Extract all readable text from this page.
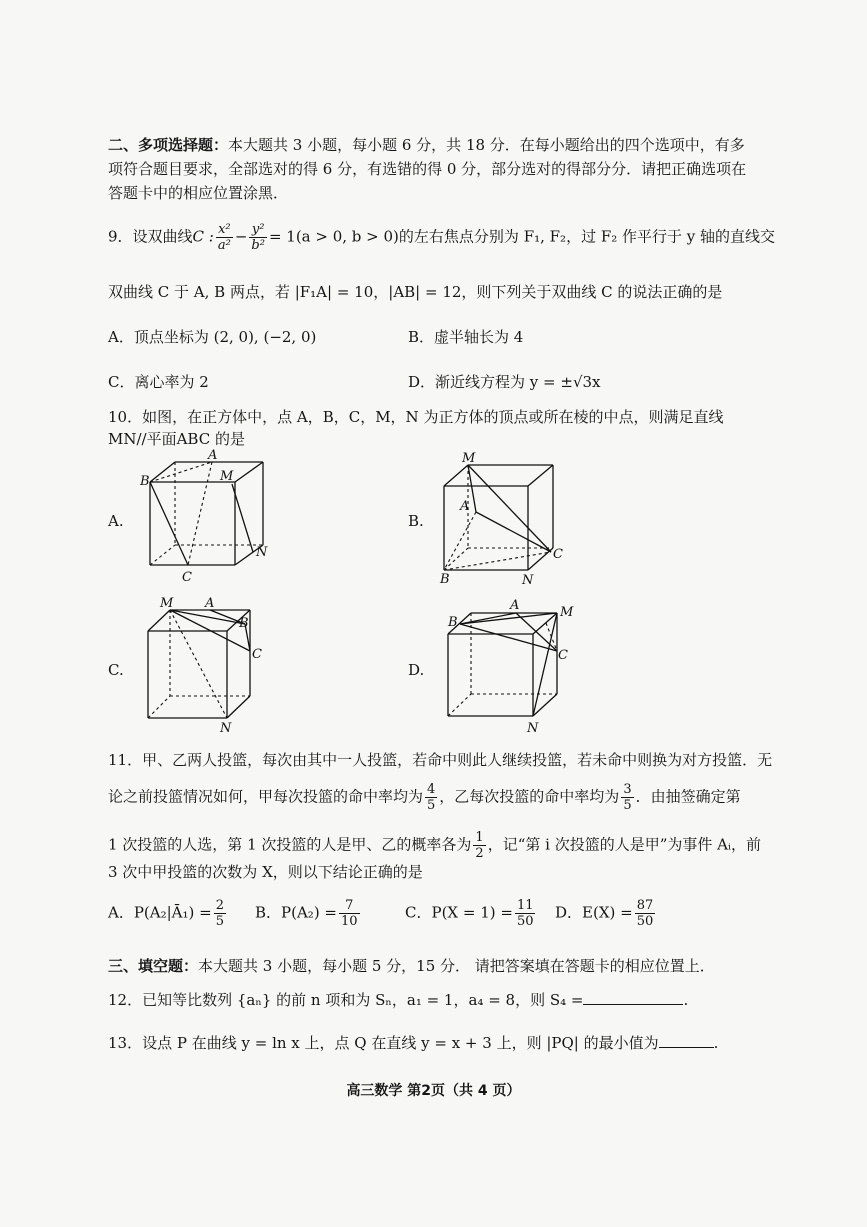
二、多项选择题：本大题共 3 小题，每小题 6 分，共 18 分．在每小题给出的四个选项中，有多项符合题目要求，全部选对的得 6 分，有选错的得 0 分，部分选对的得部分分．请把正确选项在答题卡中的相应位置涂黑．
9．设双曲线C : $\frac{\text{x²}}{\text{a²}} - \frac{\text{y²}}{\text{b²}} = 1(a > 0$, b > 0)的左右焦点分别为 F₁, F₂，过 F₂ 作平行于 y 轴的直线交
双曲线 C 于 A, B 两点，若 |F₁A| = 10，|AB| = 12，则下列关于双曲线 C 的说法正确的是
A．顶点坐标为 (2, 0), (−2, 0)	B．虚半轴长为 4
C．离心率为 2	D．渐近线方程为 y = ±√3x
10．如图，在正方体中，点 A，B，C，M，N 为正方体的顶点或所在棱的中点，则满足直线 MN//平面ABC 的是
A.	B.
C.	D.
A
B	M
N
C
M
A
C
B	N
M A
B
C
N
B
A	M
C
N
11．甲、乙两人投篮，每次由其中一人投篮，若命中则此人继续投篮，若未命中则换为对方投篮．无
论之前投篮情况如何，甲每次投篮的命中率均为 $\frac{4}{5}$ ，乙每次投篮的命中率均为 $\frac{3}{5}$ ．由抽签确定第
1 次投篮的人选，第 1 次投篮的人是甲、乙的概率各为 $\frac{1}{2}$ ，记“第 i 次投篮的人是甲”为事件 Aᵢ，前
3 次中甲投篮的次数为 X，则以下结论正确的是
A．P(A₂|Ā₁) = $\frac{2}{5}$ B．$P(A_2) = \frac{7}{10}$	C．$P(X = 1) = \frac{11}{50}$ D．$E(X) = \frac{87}{50}$
三、填空题：本大题共 3 小题，每小题 5 分，15 分． 请把答案填在答题卡的相应位置上．
12．已知等比数列 {aₙ} 的前 n 项和为 Sₙ，a₁ = 1，a₄ = 8，则 S₄ =	.
13．设点 P 在曲线 y = ln x 上，点 Q 在直线 y = x + 3 上，则 |PQ| 的最小值为	.
高三数学 第2页（共 4 页）
